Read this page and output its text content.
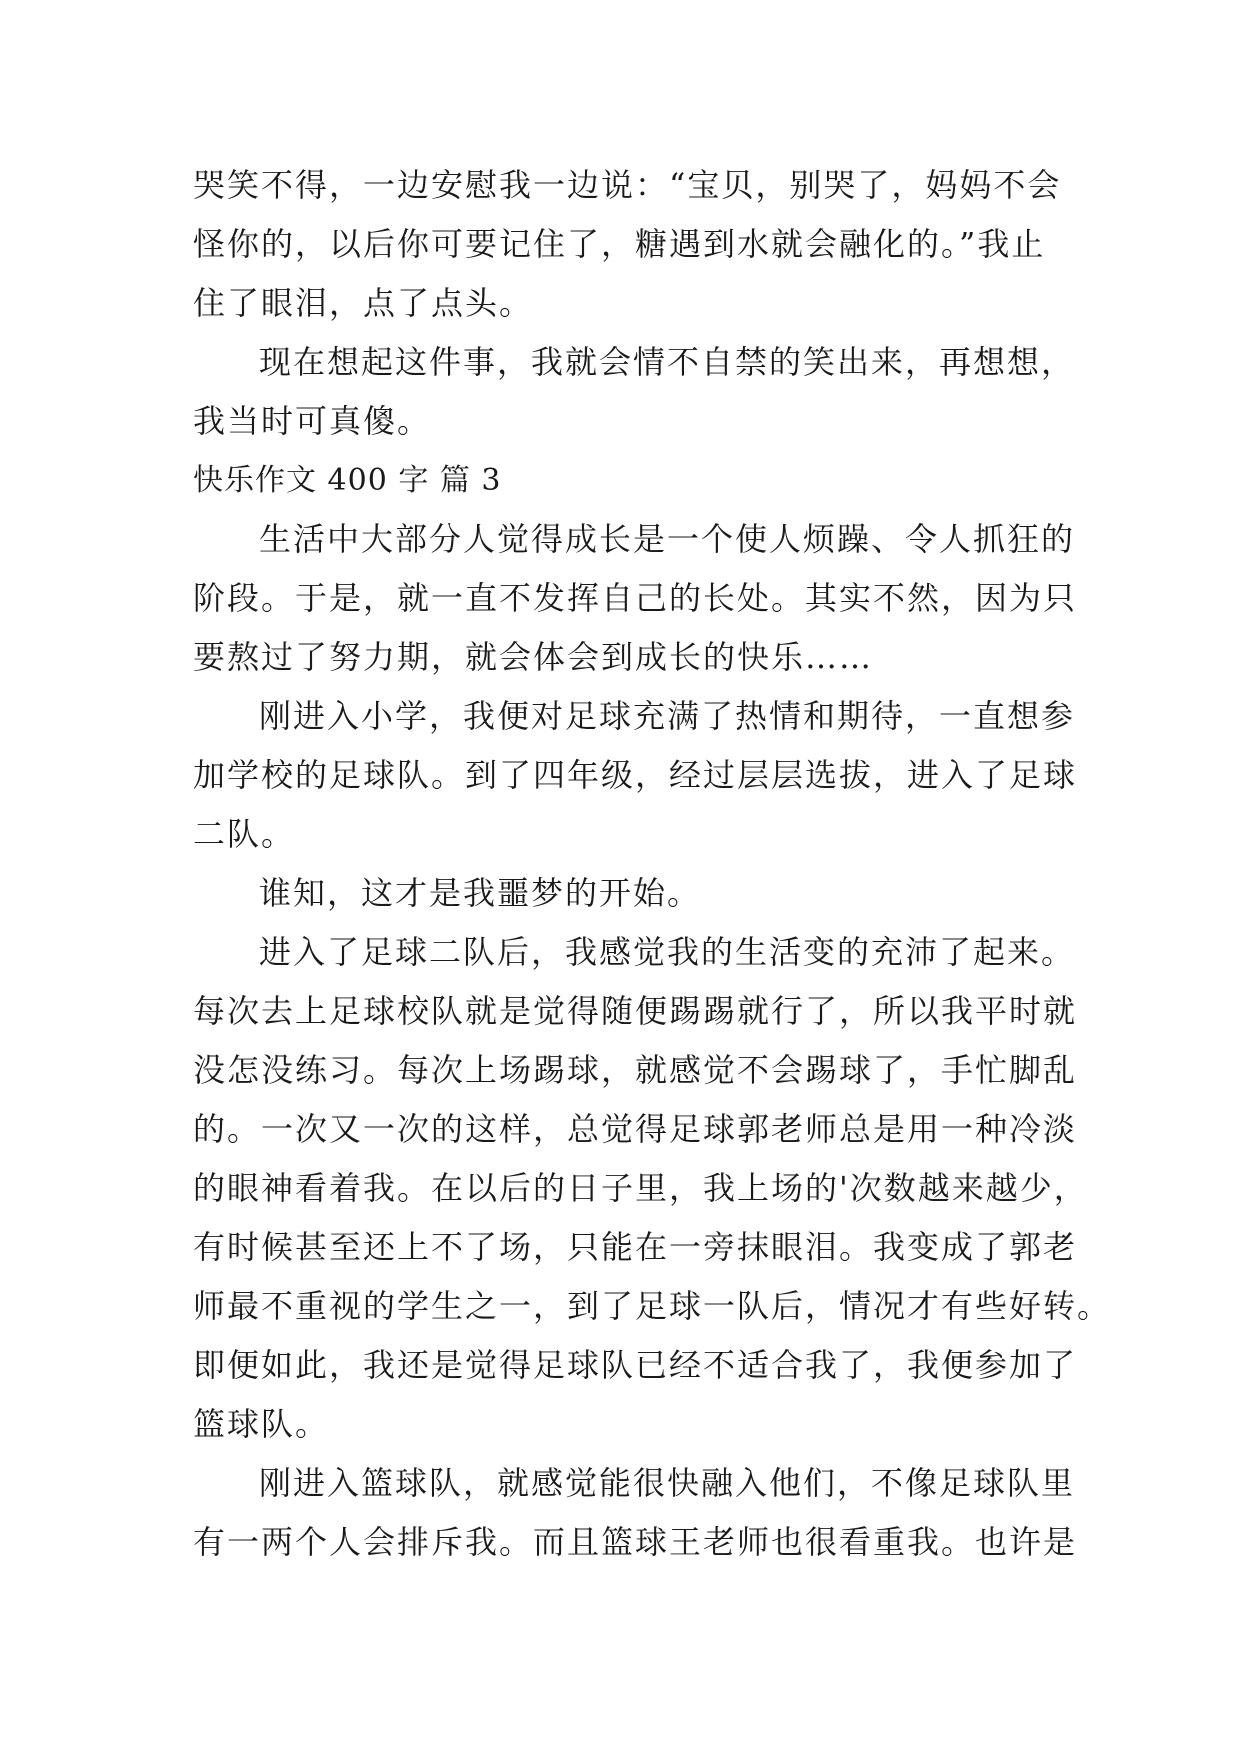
哭笑不得，一边安慰我一边说：“宝贝，别哭了，妈妈不会
怪你的，以后你可要记住了，糖遇到水就会融化的。”我止
住了眼泪，点了点头。
现在想起这件事，我就会情不自禁的笑出来，再想想，
我当时可真傻。
快乐作文 400 字 篇 3
生活中大部分人觉得成长是一个使人烦躁、令人抓狂的
阶段。于是，就一直不发挥自己的长处。其实不然，因为只
要熬过了努力期，就会体会到成长的快乐……
刚进入小学，我便对足球充满了热情和期待，一直想参
加学校的足球队。到了四年级，经过层层选拔，进入了足球
二队。
谁知，这才是我噩梦的开始。
进入了足球二队后，我感觉我的生活变的充沛了起来。
每次去上足球校队就是觉得随便踢踢就行了，所以我平时就
没怎没练习。每次上场踢球，就感觉不会踢球了，手忙脚乱
的。一次又一次的这样，总觉得足球郭老师总是用一种冷淡
的眼神看着我。在以后的日子里，我上场的'次数越来越少，
有时候甚至还上不了场，只能在一旁抹眼泪。我变成了郭老
师最不重视的学生之一，到了足球一队后，情况才有些好转。
即便如此，我还是觉得足球队已经不适合我了，我便参加了
篮球队。
刚进入篮球队，就感觉能很快融入他们，不像足球队里
有一两个人会排斥我。而且篮球王老师也很看重我。也许是
